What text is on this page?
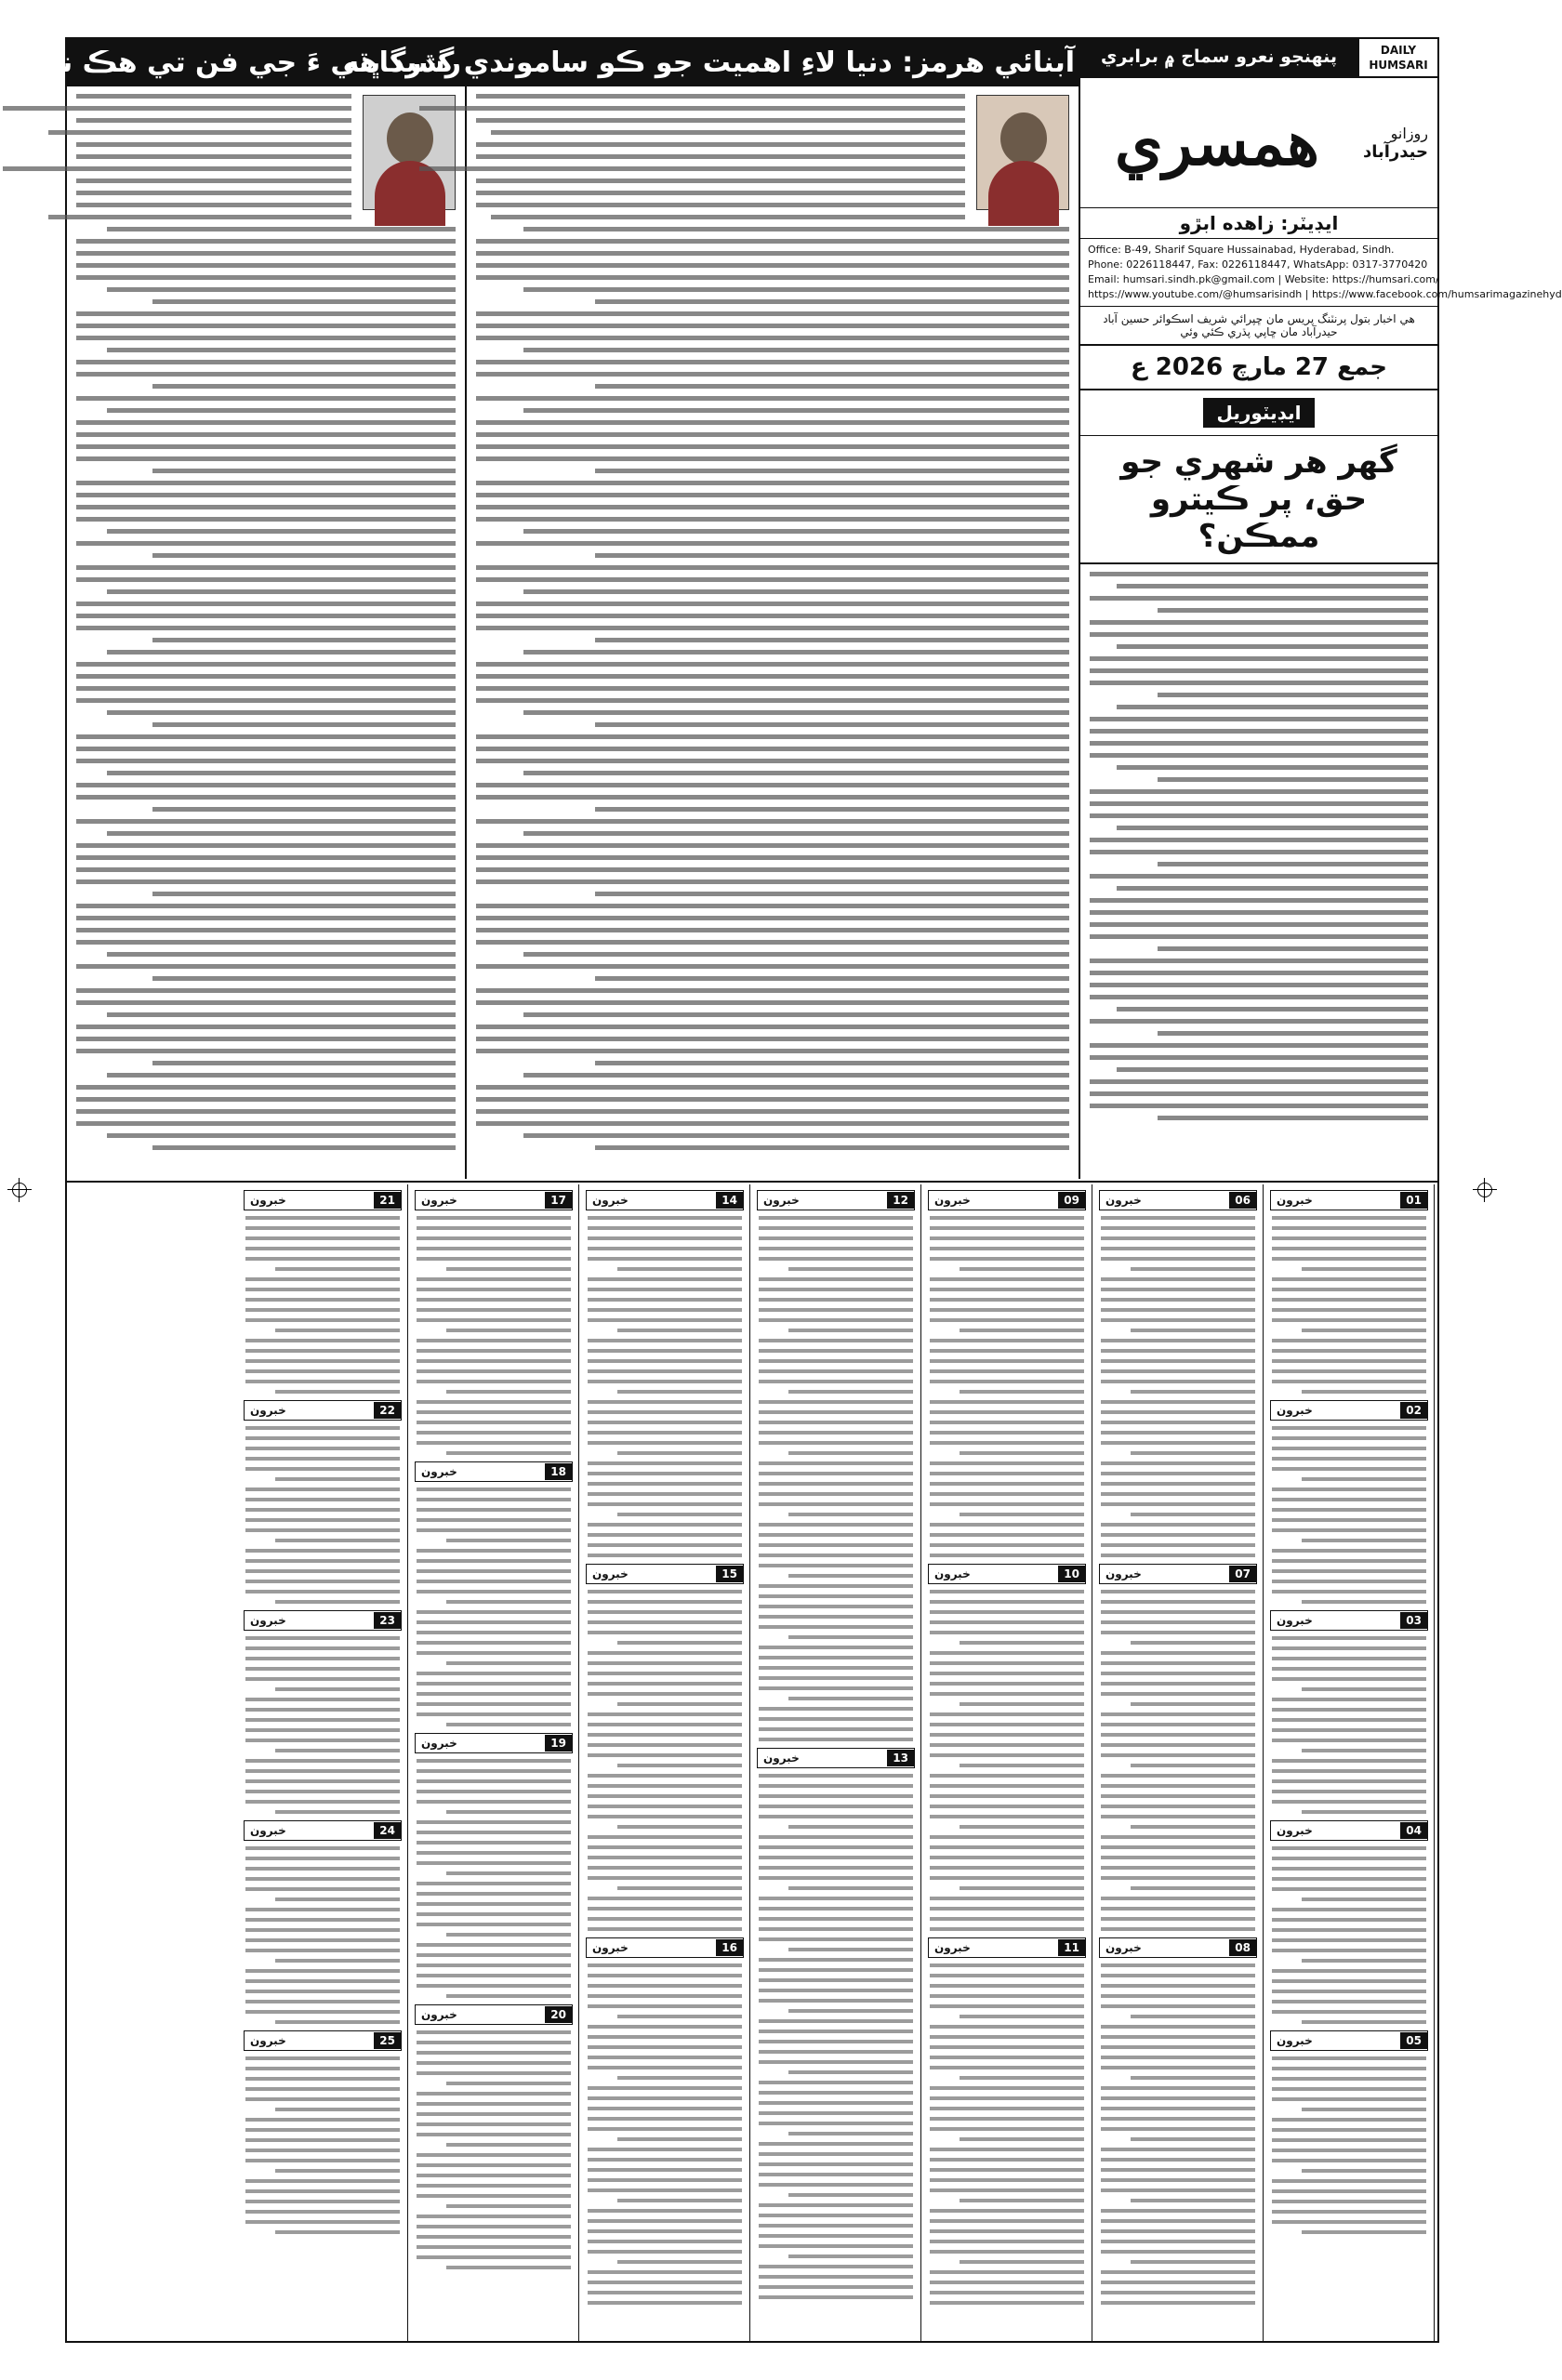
رشيد ڀٽي ءَ جي فن تي هڪ نظر
آبنائي هرمز: دنيا لاءِ اهميت جو ڪو ساموندي گذرگاهه	پنهنجو نعرو سماج ۾ برابري	DAILY
HUMSARI
همسري	روزانو
حيدرآباد
ايڊيٽر: زاهده ابڙو
Office: B-49, Sharif Square Hussainabad, Hyderabad, Sindh.
Phone: 0226118447, Fax: 0226118447, WhatsApp: 0317-3770420
Email: humsari.sindh.pk@gmail.com | Website: https://humsari.com/
https://www.youtube.com/@humsarisindh | https://www.facebook.com/humsarimagazinehyd
هي اخبار بتول پرنٽنگ پريس مان ڇپرائي شريف اسڪوائر حسين آباد حيدرآباد مان ڇاپي پڌري ڪئي وئي
جمع 27 مارچ 2026 ع
ايڊيٽوريل
گهر هر شهري جو حق، پر ڪيترو ممڪن؟
خبرون	01
خبرون	02
خبرون	03
خبرون	04
خبرون	05
خبرون	06
خبرون	07
خبرون	08
خبرون	09
خبرون	10
خبرون	11
خبرون	12
خبرون	13
خبرون	14
خبرون	15
خبرون	16
خبرون	17
خبرون	18
خبرون	19
خبرون	20
خبرون	21
خبرون	22
خبرون	23
خبرون	24
خبرون	25
